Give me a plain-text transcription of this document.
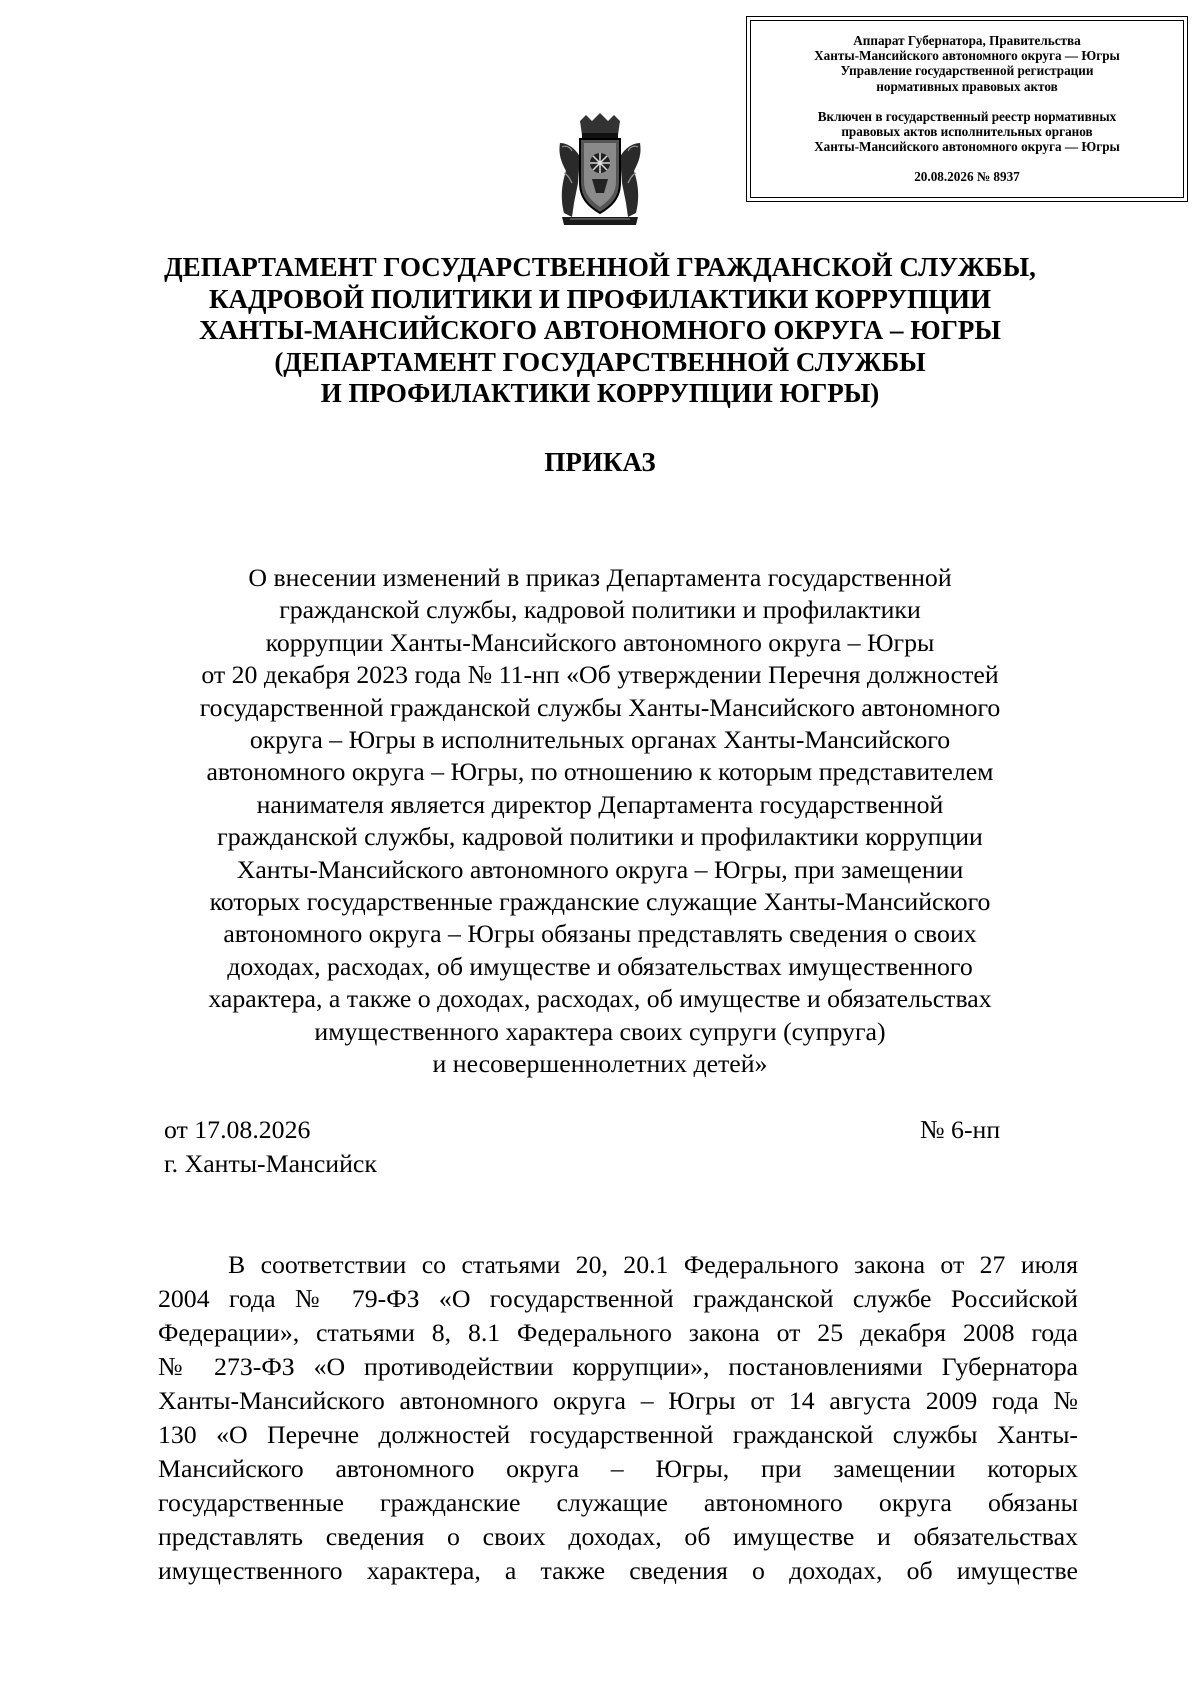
Аппарат Губернатора, Правительства
Ханты-Мансийского автономного округа — Югры
Управление государственной регистрации
нормативных правовых актов
Включен в государственный реестр нормативных
правовых актов исполнительных органов
Ханты-Мансийского автономного округа — Югры
20.08.2026 № 8937
ДЕПАРТАМЕНТ ГОСУДАРСТВЕННОЙ ГРАЖДАНСКОЙ СЛУЖБЫ,
КАДРОВОЙ ПОЛИТИКИ И ПРОФИЛАКТИКИ КОРРУПЦИИ
ХАНТЫ-МАНСИЙСКОГО АВТОНОМНОГО ОКРУГА – ЮГРЫ
(ДЕПАРТАМЕНТ ГОСУДАРСТВЕННОЙ СЛУЖБЫ
И ПРОФИЛАКТИКИ КОРРУПЦИИ ЮГРЫ)
ПРИКАЗ
О внесении изменений в приказ Департамента государственной
гражданской службы, кадровой политики и профилактики
коррупции Ханты-Мансийского автономного округа – Югры
от 20 декабря 2023 года № 11-нп «Об утверждении Перечня должностей
государственной гражданской службы Ханты-Мансийского автономного
округа – Югры в исполнительных органах Ханты-Мансийского
автономного округа – Югры, по отношению к которым представителем
нанимателя является директор Департамента государственной
гражданской службы, кадровой политики и профилактики коррупции
Ханты-Мансийского автономного округа – Югры, при замещении
которых государственные гражданские служащие Ханты-Мансийского
автономного округа – Югры обязаны представлять сведения о своих
доходах, расходах, об имуществе и обязательствах имущественного
характера, а также о доходах, расходах, об имуществе и обязательствах
имущественного характера своих супруги (супруга)
и несовершеннолетних детей»
от 17.08.2026	№ 6-нп
г. Ханты-Мансийск
В соответствии со статьями 20, 20.1 Федерального закона от 27 июля
2004 года № 79-ФЗ «О государственной гражданской службе Российской
Федерации», статьями 8, 8.1 Федерального закона от 25 декабря 2008 года
№ 273-ФЗ «О противодействии коррупции», постановлениями Губернатора
Ханты-Мансийского автономного округа – Югры от 14 августа 2009 года №
130 «О Перечне должностей государственной гражданской службы Ханты-
Мансийского автономного округа – Югры, при замещении которых
государственные гражданские служащие автономного округа обязаны
представлять сведения о своих доходах, об имуществе и обязательствах
имущественного характера, а также сведения о доходах, об имуществе
